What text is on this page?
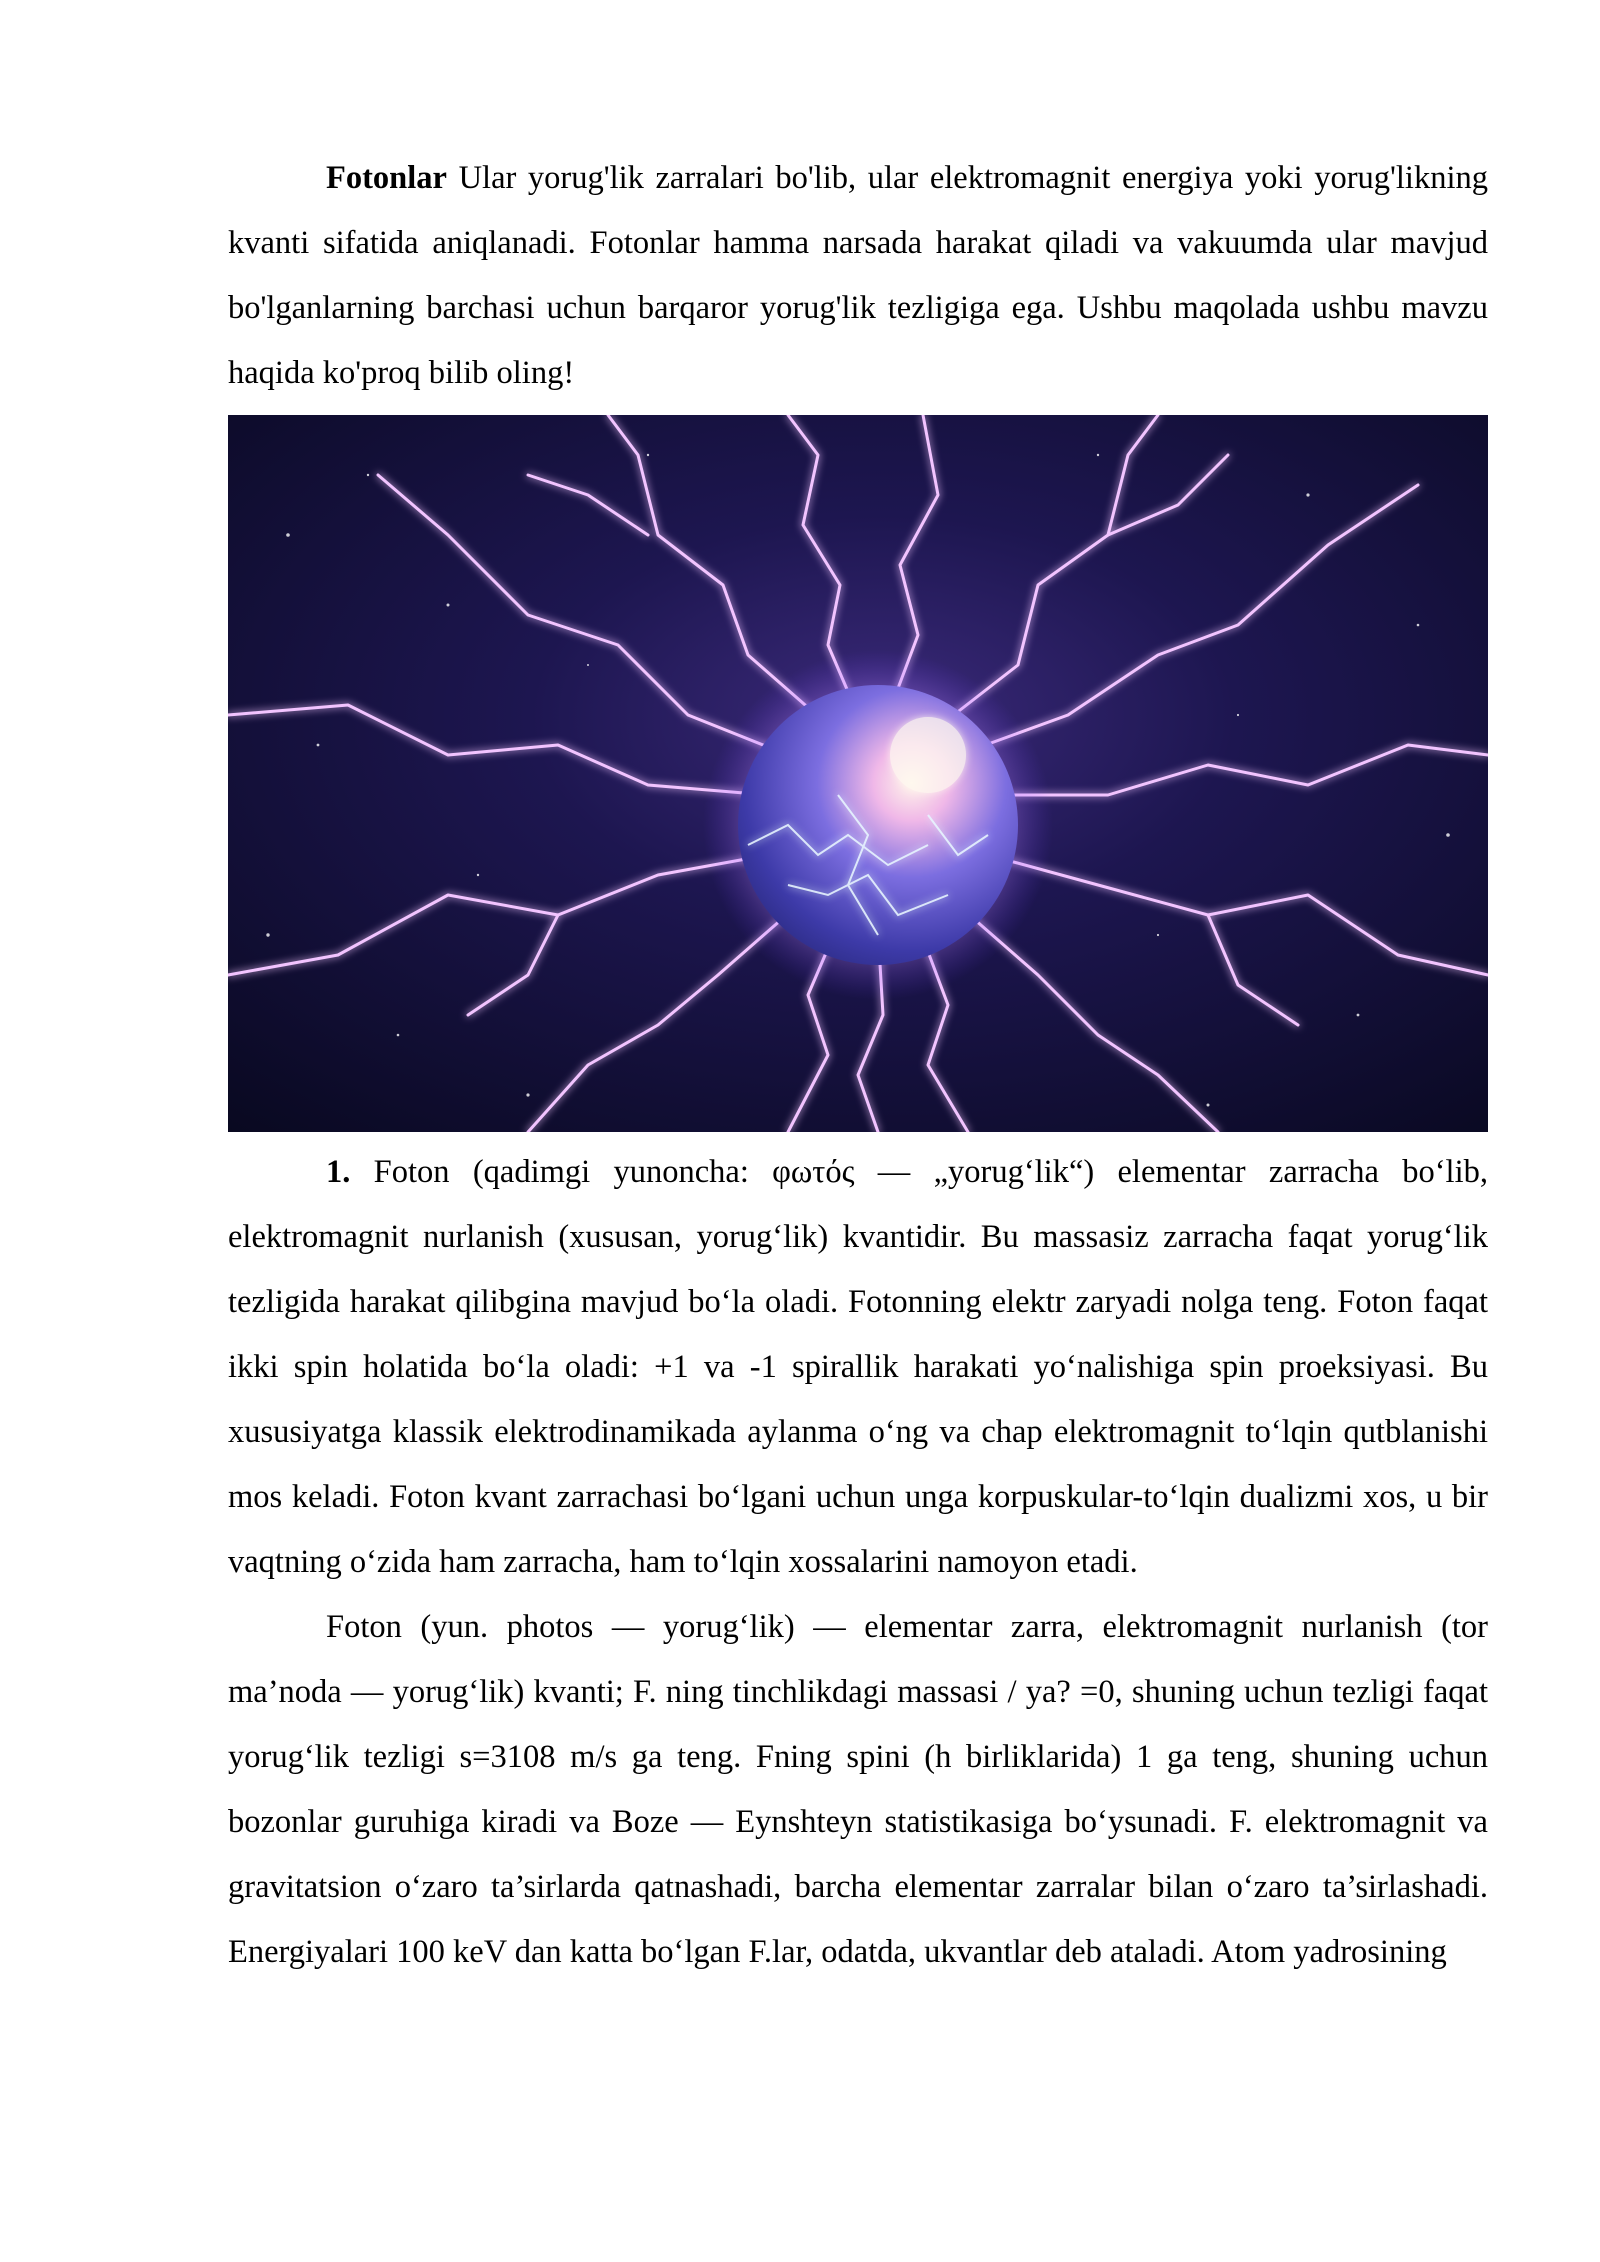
Fotonlar Ular yorug'lik zarralari bo'lib, ular elektromagnit energiya yoki yorug'likning kvanti sifatida aniqlanadi. Fotonlar hamma narsada harakat qiladi va vakuumda ular mavjud bo'lganlarning barchasi uchun barqaror yorug'lik tezligiga ega. Ushbu maqolada ushbu mavzu haqida ko'proq bilib oling!

1. Foton (qadimgi yunoncha: φωτός — „yorug‘lik“) elementar zarracha bo‘lib, elektromagnit nurlanish (xususan, yorug‘lik) kvantidir. Bu massasiz zarracha faqat yorug‘lik tezligida harakat qilibgina mavjud bo‘la oladi. Fotonning elektr zaryadi nolga teng. Foton faqat ikki spin holatida bo‘la oladi: +1 va -1 spirallik harakati yo‘nalishiga spin proeksiyasi. Bu xususiyatga klassik elektrodinamikada aylanma o‘ng va chap elektromagnit to‘lqin qutblanishi mos keladi. Foton kvant zarrachasi bo‘lgani uchun unga korpuskular-to‘lqin dualizmi xos, u bir vaqtning o‘zida ham zarracha, ham to‘lqin xossalarini namoyon etadi.

Foton (yun. photos — yorug‘lik) — elementar zarra, elektromagnit nurlanish (tor ma’noda — yorug‘lik) kvanti; F. ning tinchlikdagi massasi / ya? =0, shuning uchun tezligi faqat yorug‘lik tezligi s=3108 m/s ga teng. Fning spini (h birliklarida) 1 ga teng, shuning uchun bozonlar guruhiga kiradi va Boze — Eynshteyn statistikasiga bo‘ysunadi. F. elektromagnit va gravitatsion o‘zaro ta’sirlarda qatnashadi, barcha elementar zarralar bilan o‘zaro ta’sirlashadi. Energiyalari 100 keV dan katta bo‘lgan F.lar, odatda, ukvantlar deb ataladi. Atom yadrosining
